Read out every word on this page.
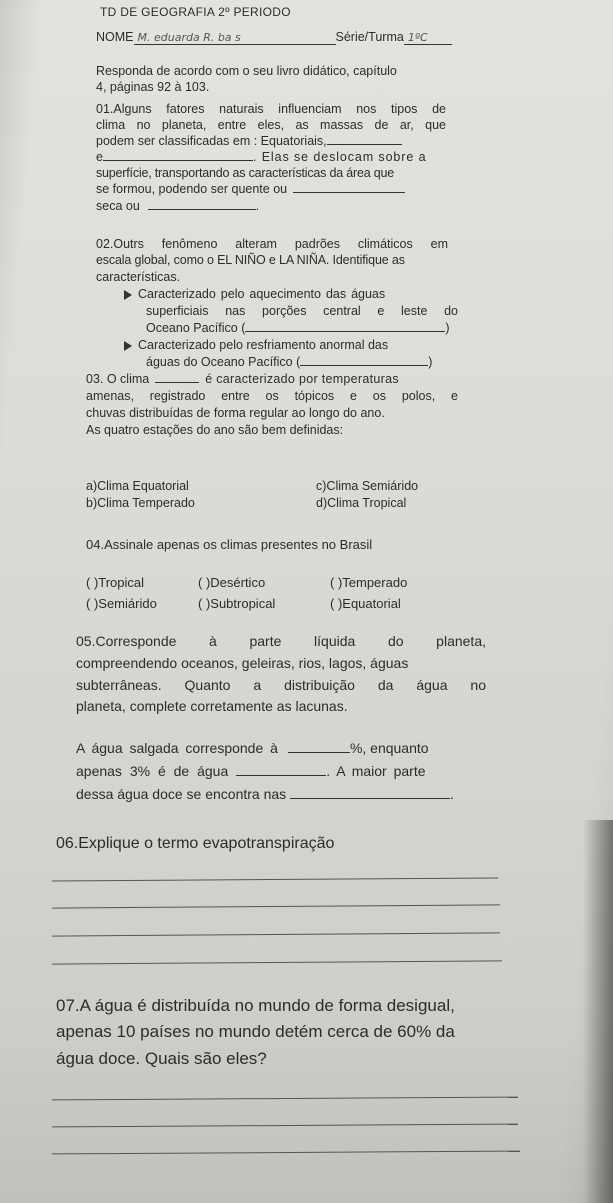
TD DE GEOGRAFIA 2º PERIODO
NOME M. eduarda R. ba s	Série/Turma 1ºC
Responda de acordo com o seu livro didático, capítulo
4, páginas 92 à 103.
01.Alguns fatores naturais influenciam nos tipos de
clima no planeta, entre eles, as massas de ar, que
podem ser classificadas em : Equatoriais,
e	. Elas se deslocam sobre a
superfície, transportando as características da área que
se formou, podendo ser quente ou
seca ou	.
02.Outrs fenômeno alteram padrões climáticos em
escala global, como o EL NIÑO e LA NIÑA. Identifique as
características.
Caracterizado pelo aquecimento das águas
superficiais nas porções central e leste do
Oceano Pacífico (	)
Caracterizado pelo resfriamento anormal das
águas do Oceano Pacífico (	)
03. O clima	é caracterizado por temperaturas
amenas, registrado entre os tópicos e os polos, e
chuvas distribuídas de forma regular ao longo do ano.
As quatro estações do ano são bem definidas:
a)Clima Equatorial	c)Clima Semiárido
b)Clima Temperado	d)Clima Tropical
04.Assinale apenas os climas presentes no Brasil
( )Tropical	( )Desértico	( )Temperado
( )Semiárido	( )Subtropical	( )Equatorial
05.Corresponde à parte líquida do planeta,
compreendendo oceanos, geleiras, rios, lagos, águas
subterrâneas. Quanto a distribuição da água no
planeta, complete corretamente as lacunas.
A água salgada corresponde à	%, enquanto
apenas 3% é de água	. A maior parte
dessa água doce se encontra nas	.
06.Explique o termo evapotranspiração
07.A água é distribuída no mundo de forma desigual,
apenas 10 países no mundo detém cerca de 60% da
água doce. Quais são eles?
